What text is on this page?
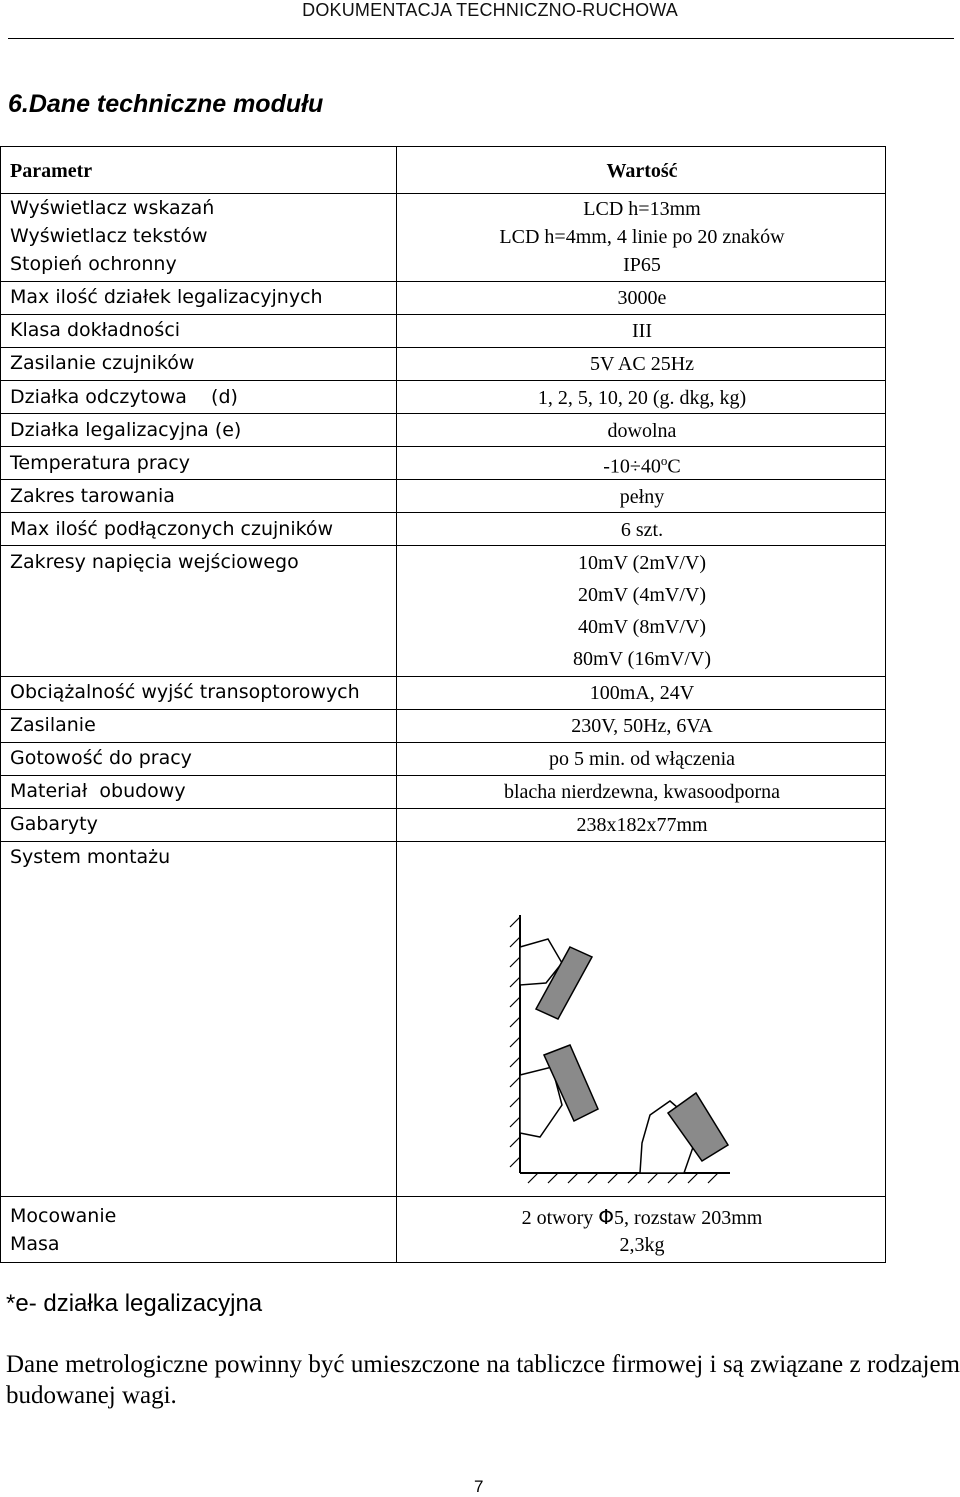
DOKUMENTACJA TECHNICZNO-RUCHOWA
6.Dane techniczne modułu
Parametr	Wartość
Wyświetlacz wskazań
Wyświetlacz tekstów
Stopień ochronny
Max ilość działek legalizacyjnych
Klasa dokładności
Zasilanie czujników
Działka odczytowa    (d)
Działka legalizacyjna (e)
Temperatura pracy
Zakres tarowania
Max ilość podłączonych czujników
Zakresy napięcia wejściowego
Obciążalność wyjść transoptorowych
Zasilanie
Gotowość do pracy
Materiał  obudowy
Gabaryty
System montażu
Mocowanie
Masa
LCD h=13mm
LCD h=4mm, 4 linie po 20 znaków
IP65
3000e
III
5V AC 25Hz
1, 2, 5, 10, 20 (g. dkg, kg)
dowolna
$-10\div 40^oC$
pełny
6 szt.
10mV (2mV/V)
20mV (4mV/V)
40mV (8mV/V)
80mV (16mV/V)
100mA, 24V
230V, 50Hz, 6VA
po 5 min. od włączenia
blacha nierdzewna, kwasoodporna
238x182x77mm
2 otwory Φ5, rozstaw 203mm
2,3kg
*e- działka legalizacyjna

Dane metrologiczne powinny być umieszczone na tabliczce firmowej i są związane z rodzajem budowanej wagi.

7
